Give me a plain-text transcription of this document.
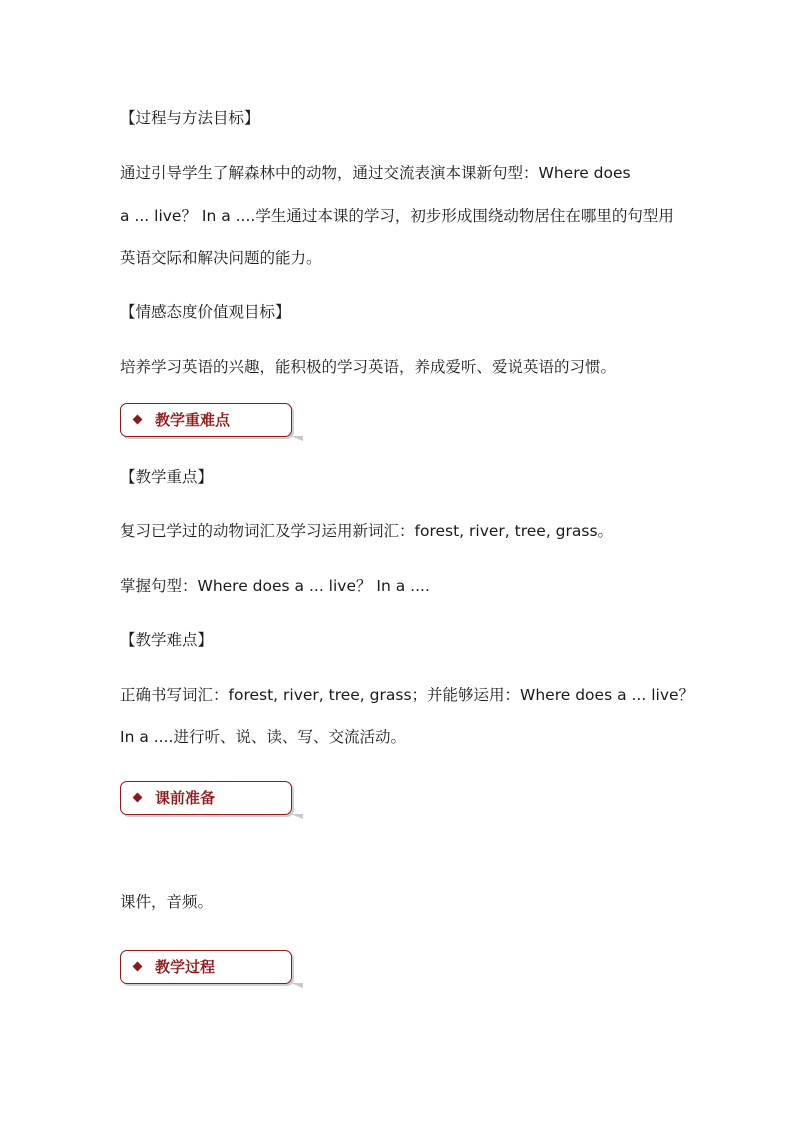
【过程与方法目标】
通过引导学生了解森林中的动物，通过交流表演本课新句型：Where does
a ... live？ In a ....学生通过本课的学习，初步形成围绕动物居住在哪里的句型用
英语交际和解决问题的能力。
【情感态度价值观目标】
培养学习英语的兴趣，能积极的学习英语，养成爱听、爱说英语的习惯。
教学重难点
【教学重点】
复习已学过的动物词汇及学习运用新词汇：forest, river, tree, grass。
掌握句型：Where does a ... live？ In a ....
【教学难点】
正确书写词汇：forest, river, tree, grass；并能够运用：Where does a ... live？
In a ....进行听、说、读、写、交流活动。
课前准备
课件，音频。
教学过程
